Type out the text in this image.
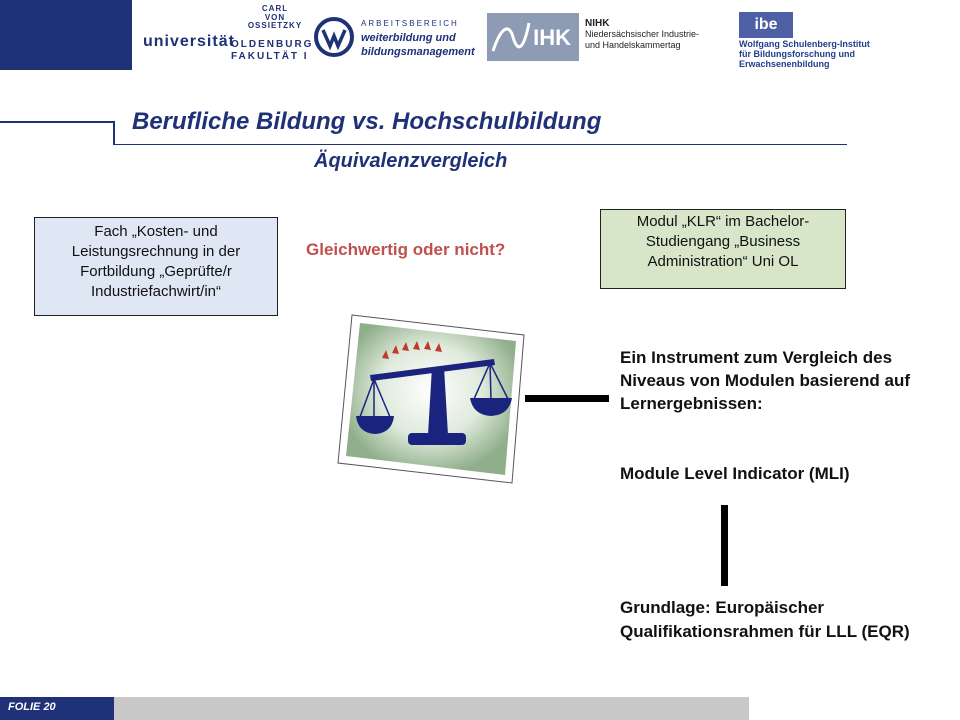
CARL
VON
OSSIETZKY
universität
OLDENBURG
FAKULTÄT I
ARBEITSBEREICH
weiterbildung und
bildungsmanagement
IHK
NIHK
Niedersächsischer Industrie-
und Handelskammertag
ibe
Wolfgang Schulenberg-Institut
für Bildungsforschung und
Erwachsenenbildung
Berufliche Bildung vs. Hochschulbildung
Äquivalenzvergleich
Fach „Kosten- und Leistungsrechnung in der Fortbildung „Geprüfte/r Industriefachwirt/in“
Gleichwertig oder nicht?
Modul „KLR“ im Bachelor-Studiengang „Business Administration“ Uni OL
Ein Instrument zum Vergleich des Niveaus von Modulen basierend auf Lernergebnissen:
Module Level Indicator (MLI)
Grundlage: Europäischer Qualifikationsrahmen für LLL (EQR)
FOLIE 20
